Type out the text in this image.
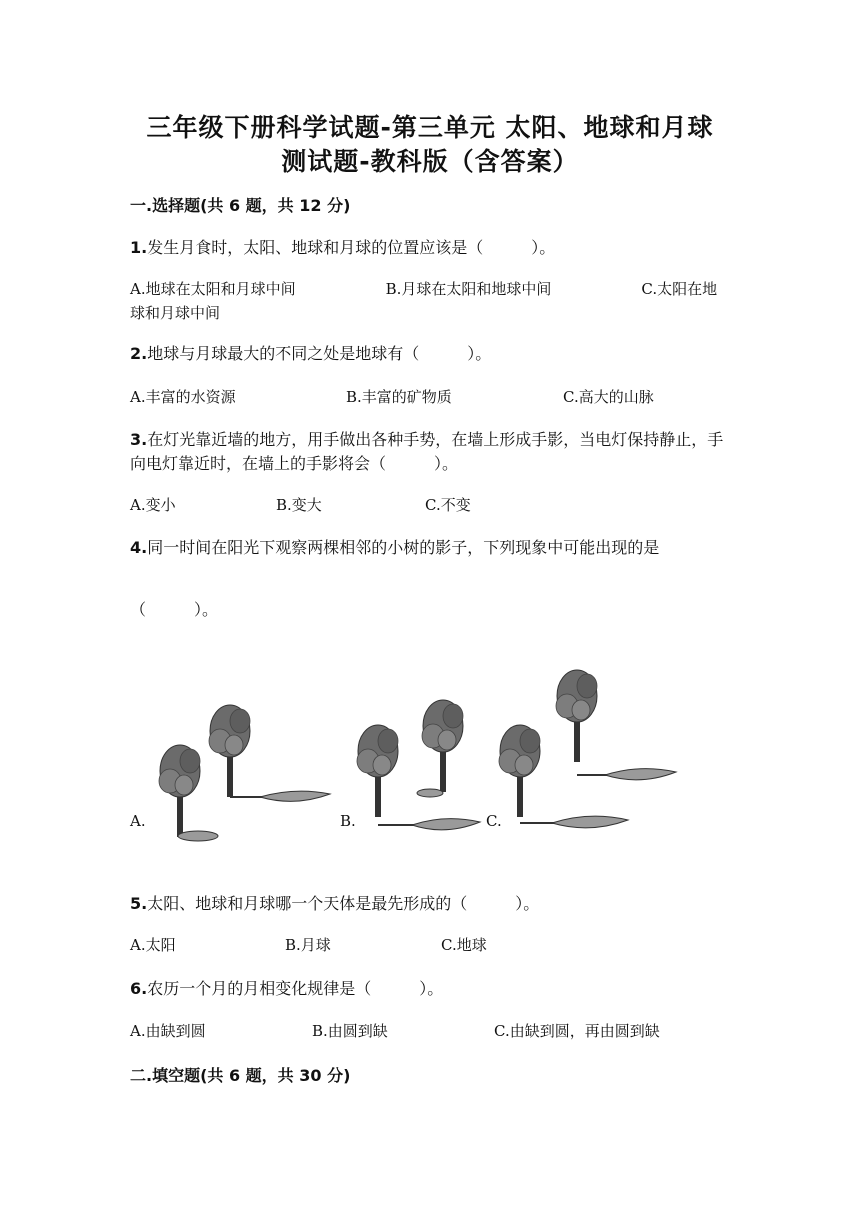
三年级下册科学试题-第三单元 太阳、地球和月球
测试题-教科版（含答案）
一.选择题(共 6 题，共 12 分)
1.发生月食时，太阳、地球和月球的位置应该是（　　　）。
A.地球在太阳和月球中间　　　　　　B.月球在太阳和地球中间　　　　　　C.太阳在地球和月球中间
2.地球与月球最大的不同之处是地球有（　　　）。
A.丰富的水资源	B.丰富的矿物质	C.高大的山脉
3.在灯光靠近墙的地方，用手做出各种手势，在墙上形成手影，当电灯保持静止，手向电灯靠近时，在墙上的手影将会（　　　）。
A.变小	B.变大	C.不变
4.同一时间在阳光下观察两棵相邻的小树的影子，下列现象中可能出现的是
（　　　）。
A.	B.	C.
5.太阳、地球和月球哪一个天体是最先形成的（　　　）。
A.太阳	B.月球	C.地球
6.农历一个月的月相变化规律是（　　　）。
A.由缺到圆	B.由圆到缺	C.由缺到圆，再由圆到缺
二.填空题(共 6 题，共 30 分)
